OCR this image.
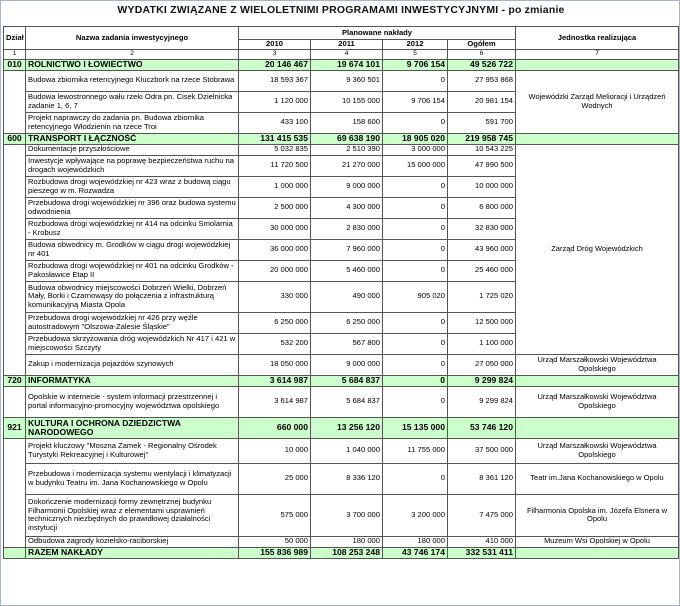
WYDATKI ZWIĄZANE Z WIELOLETNIMI PROGRAMAMI INWESTYCYJNYMI - po zmianie
Dział	Nazwa zadania inwestycyjnego	Planowane nakłady				Jednostka realizująca
		2010	2011	2012	Ogółem	
1	2	3	4	5	6	7
010	ROLNICTWO I ŁOWIECTWO	20 146 467	19 674 101	9 706 154	49 526 722	
	Budowa zbiornika retencyjnego Kluczbork na rzece Stobrawa	18 593 367	9 360 501	0	27 953 868	Wojewódzki Zarząd Melioracji i Urządzeń Wodnych
	Budowa lewostronnego wału rzeki Odra pn. Cisek Dzielnicka zadanie 1, 6, 7	1 120 000	10 155 000	9 706 154	20 981 154	
	Projekt naprawczy do zadania pn. Budowa zbiornika retencyjnego Włodzienin na rzece Troi	433 100	158 600	0	591 700	
600	TRANSPORT I ŁĄCZNOŚĆ	131 415 535	69 638 190	18 905 020	219 958 745	
	Dokumentacje przyszłościowe	5 032 835	2 510 390	3 000 000	10 543 225	Zarząd Dróg Wojewódzkich
	Inwestycje wpływające na poprawę bezpieczeństwa ruchu na drogach wojewódzkich	11 720 500	21 270 000	15 000 000	47 990 500	
	Rozbudowa drogi wojewódzkiej nr 423 wraz z budową ciągu pieszego w m. Rozwadza	1 000 000	9 000 000	0	10 000 000	
	Przebudowa drogi wojewódzkiej nr 396 oraz budowa systemu odwodnienia	2 500 000	4 300 000	0	6 800 000	
	Rozbudowa drogi wojewódzkiej nr 414 na odcinku Smolarnia - Krobusz	30 000 000	2 830 000	0	32 830 000	
	Budowa obwodnicy m. Grodków w ciągu drogi wojewódzkiej nr 401	36 000 000	7 960 000	0	43 960 000	
	Rozbudowa drogi wojewódzkiej nr 401 na odcinku Grodków -Pakosławice Etap II	20 000 000	5 460 000	0	25 460 000	
	Budowa obwodnicy miejscowości Dobrzeń Wielki, Dobrzeń Mały, Borki i Czarnowąsy do połączenia z infrastrukturą komunikacyjną Miasta Opola	330 000	490 000	905 020	1 725 020	
	Przebudowa drogi wojewódzkiej nr 426 przy węźle autostradowym "Olszowa-Zalesie Śląskie"	6 250 000	6 250 000	0	12 500 000	
	Przebudowa skrzyżowania dróg wojewódzkich Nr 417 i 421 w miejscowości Szczyty	532 200	567 800	0	1 100 000	
	Zakup i modernizacja pojazdów szynowych	18 050 000	9 000 000	0	27 050 000	Urząd Marszałkowski Województwa Opolskiego
720	INFORMATYKA	3 614 987	5 684 837	0	9 299 824	
	Opolskie w internecie - system informacji przestrzennej i portal informacyjno-promocyjny województwa opolskiego	3 614 987	5 684 837	0	9 299 824	Urząd Marszałkowski Województwa Opolskiego
921	KULTURA I OCHRONA DZIEDZICTWA NARODOWEGO	660 000	13 256 120	15 135 000	53 746 120	
	Projekt kluczowy "Moszna Zamek - Regionalny Ośrodek Turystyki Rekreacyjnej i Kulturowej"	10 000	1 040 000	11 755 000	37 500 000	Urząd Marszałkowski Województwa Opolskiego
	Przebudowa i modernizacja systemu wentylacji i klimatyzacji w budynku Teatru im. Jana Kochanowskiego w Opolu	25 000	8 336 120	0	8 361 120	Teatr im.Jana Kochanowskiego w Opolu
	Dokończenie modernizacji formy zewnętrznej budynku Filharmonii Opolskiej wraz z elementami usprawnień technicznych niezbędnych do prawidłowej działalności instytucji	575 000	3 700 000	3 200 000	7 475 000	Filharmonia Opolska im. Józefa Elsnera w Opolu
	Odbudowa zagrody kozielsko-raciborskiej	50 000	180 000	180 000	410 000	Muzeum Wsi Opolskiej w Opolu
	RAZEM NAKŁADY	155 836 989	108 253 248	43 746 174	332 531 411	
